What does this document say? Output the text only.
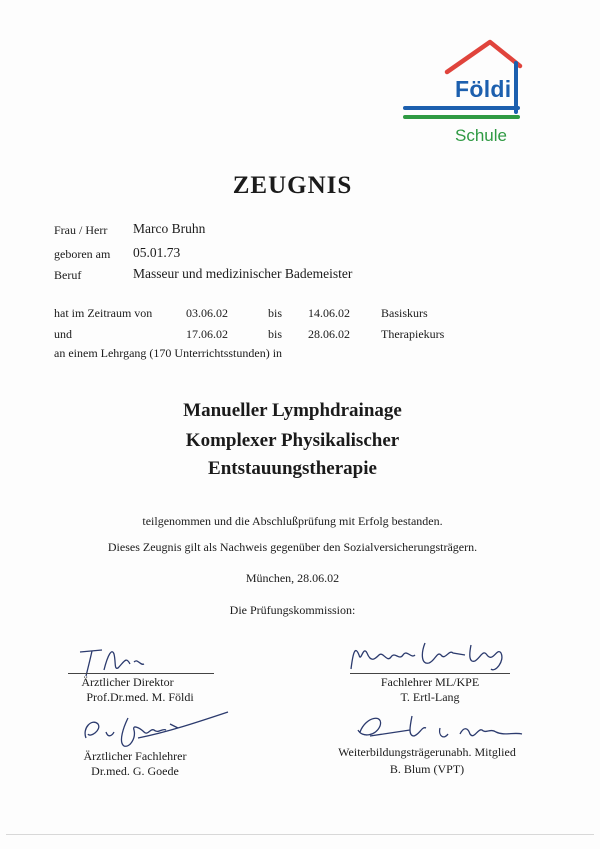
Földi
Schule
ZEUGNIS
Frau / Herr Marco Bruhn
geboren am 05.01.73
Beruf	Masseur und medizinischer Bademeister
hat im Zeitraum von	03.06.02	bis 14.06.02	Basiskurs
und	17.06.02	bis 28.06.02	Therapiekurs
an einem Lehrgang (170 Unterrichtsstunden) in
Manueller Lymphdrainage
Komplexer Physikalischer
Entstauungstherapie
teilgenommen und die Abschlußprüfung mit Erfolg bestanden.
Dieses Zeugnis gilt als Nachweis gegenüber den Sozialversicherungsträgern.
München, 28.06.02
Die Prüfungskommission:
Ärztlicher Direktor
Prof.Dr.med. M. Földi
Fachlehrer ML/KPE
T. Ertl-Lang
Ärztlicher Fachlehrer
Dr.med. G. Goede
Weiterbildungsträgerunabh. Mitglied
B. Blum (VPT)
